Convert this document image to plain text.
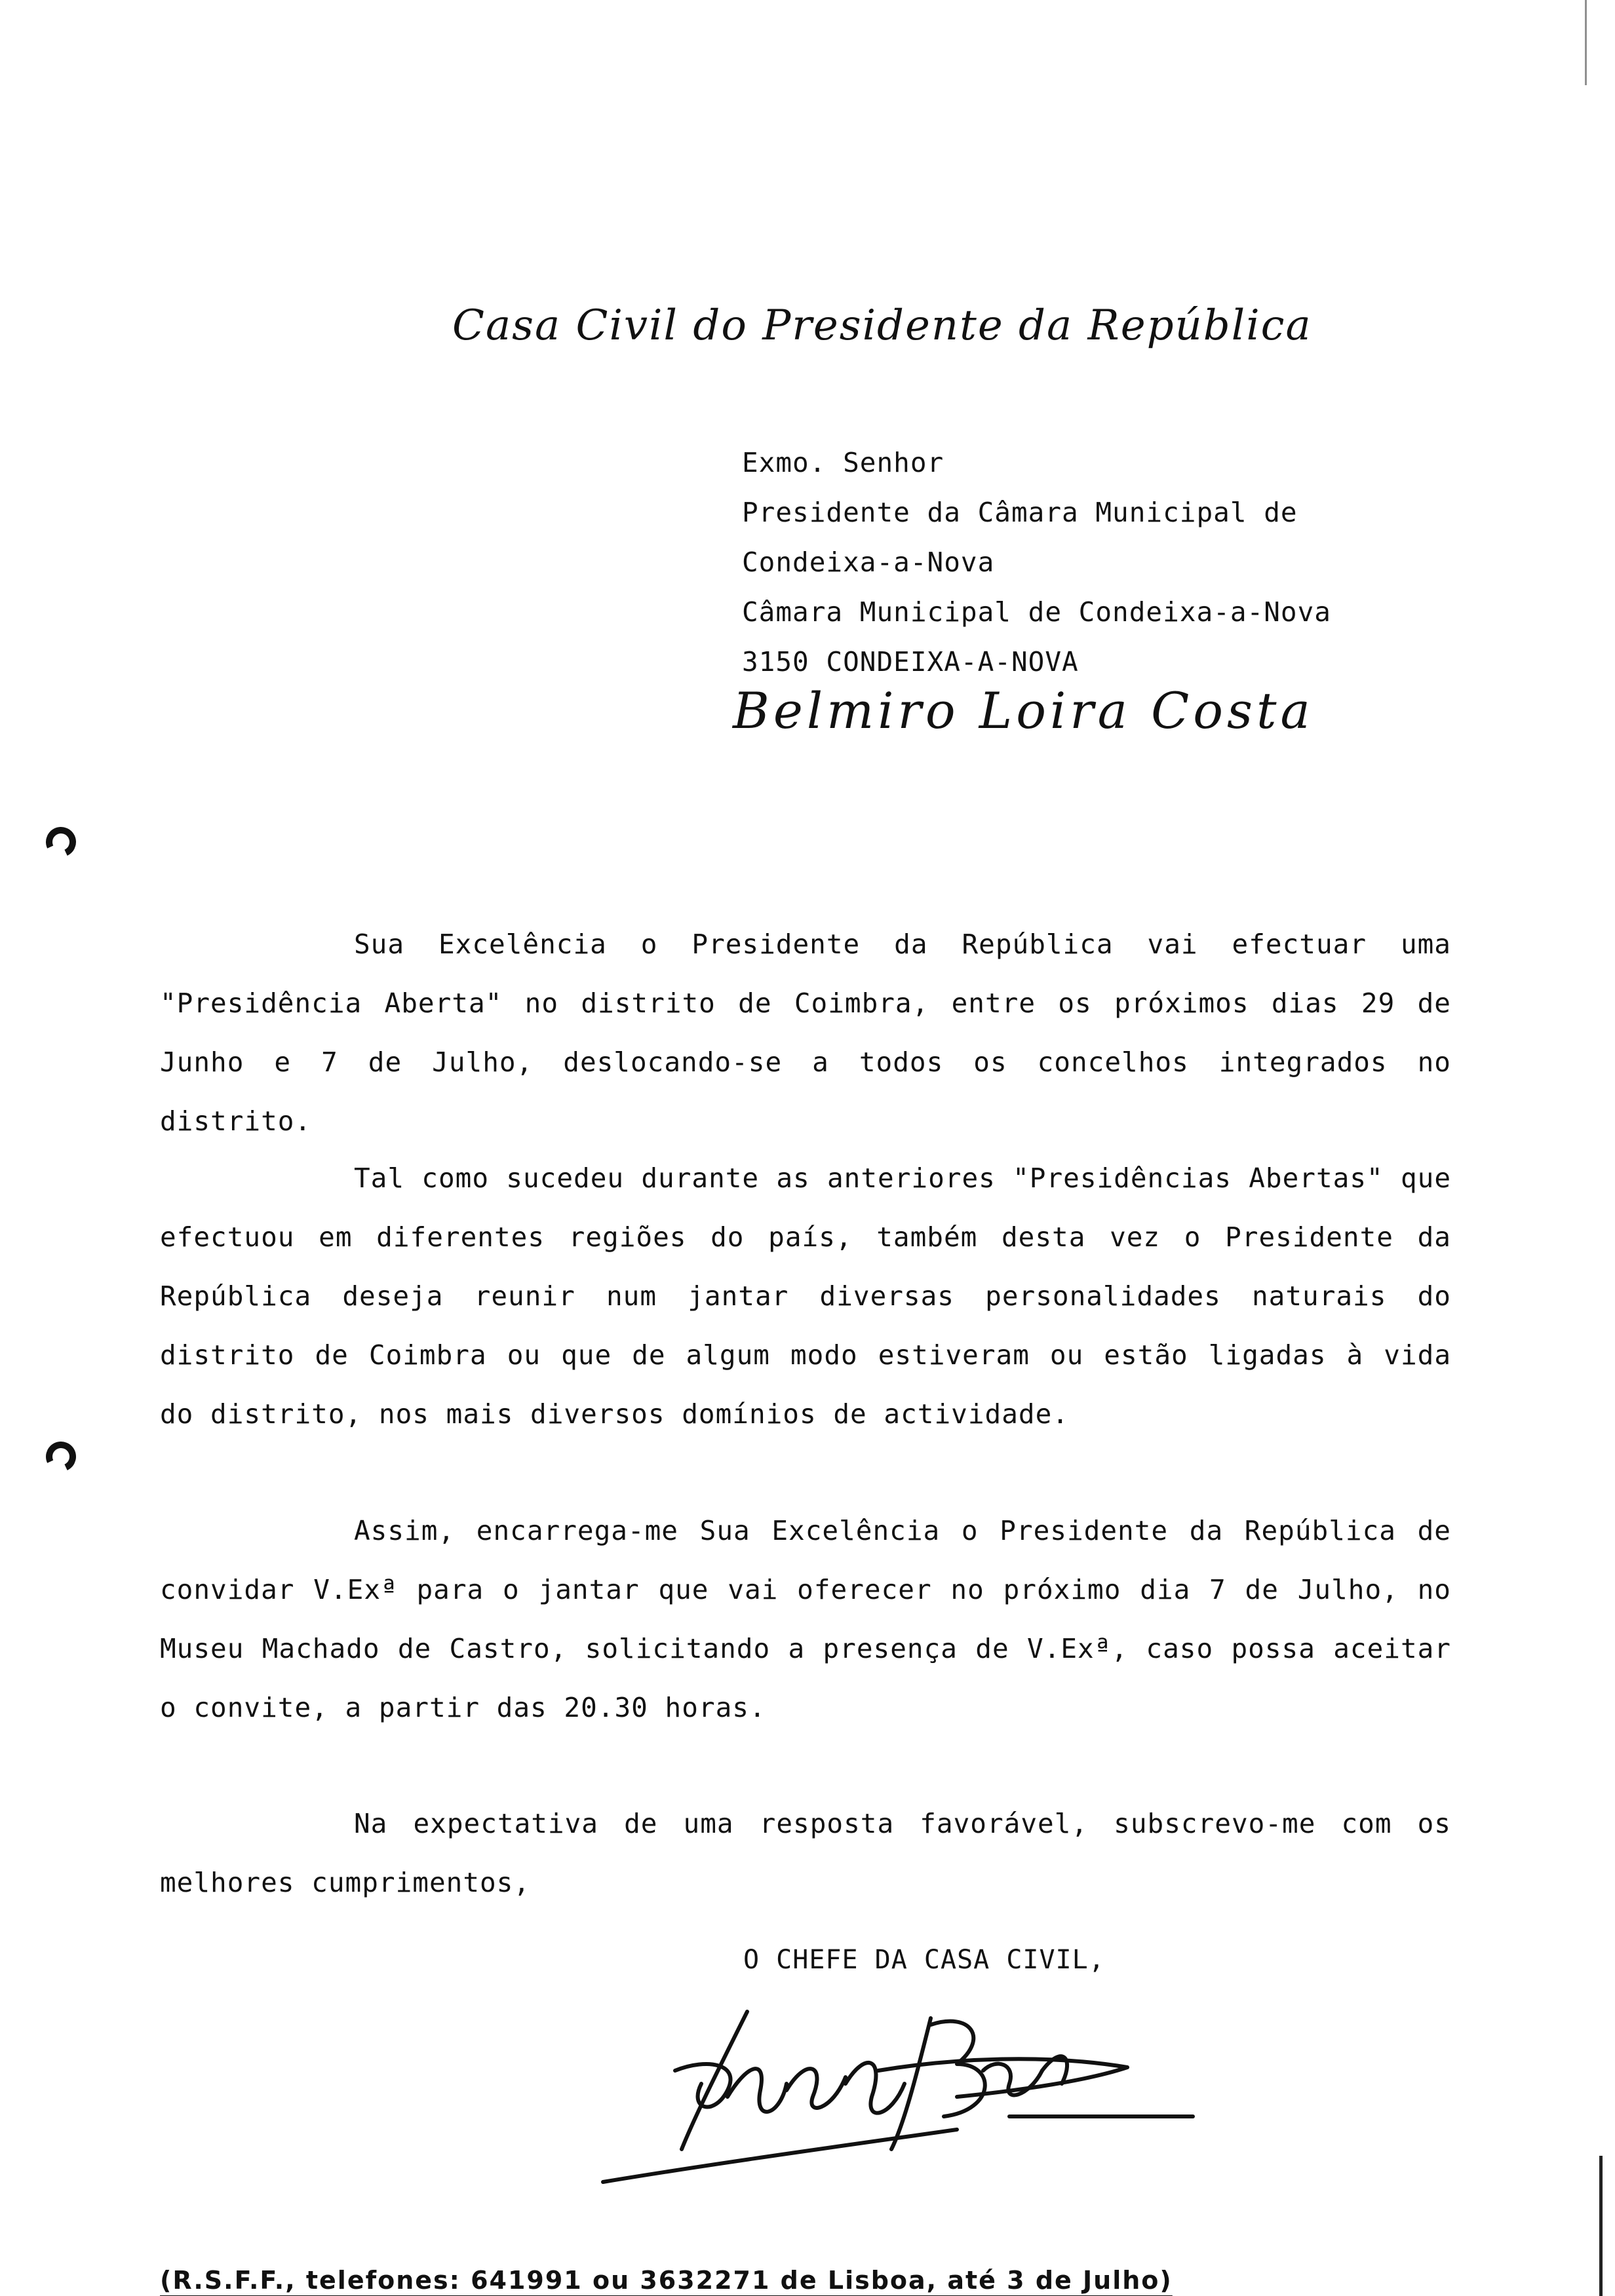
Casa Civil do Presidente da República
Exmo. Senhor
Presidente da Câmara Municipal de
Condeixa-a-Nova
Câmara Municipal de Condeixa-a-Nova
3150 CONDEIXA-A-NOVA
Belmiro Loira Costa

Sua Excelência o Presidente da República vai efectuar uma "Presidência Aberta" no distrito de Coimbra, entre os próximos dias 29 de Junho e 7 de Julho, deslocando-se a todos os concelhos integrados no distrito.

Tal como sucedeu durante as anteriores "Presidências Abertas" que efectuou em diferentes regiões do país, também desta vez o Presidente da República deseja reunir num jantar diversas personalidades naturais do distrito de Coimbra ou que de algum modo estiveram ou estão ligadas à vida do distrito, nos mais diversos domínios de actividade.

Assim, encarrega-me Sua Excelência o Presidente da República de convidar V.Exª para o jantar que vai oferecer no próximo dia 7 de Julho, no Museu Machado de Castro, solicitando a presença de V.Exª, caso possa aceitar o convite, a partir das 20.30 horas.

Na expectativa de uma resposta favorável, subscrevo-me com os melhores cumprimentos,

O CHEFE DA CASA CIVIL,
(R.S.F.F., telefones: 641991 ou 3632271 de Lisboa, até 3 de Julho)
